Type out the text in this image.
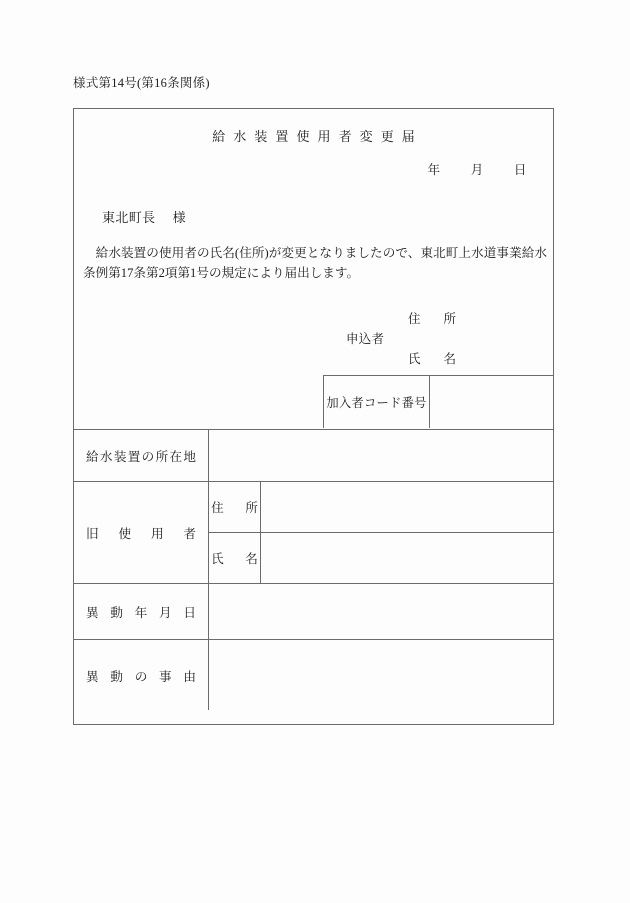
様式第14号(第16条関係)
給水装置使用者変更届
年 月 日
東北町長 様
給水装置の使用者の氏名(住所)が変更となりましたので、東北町上水道事業給水条例第17条第2項第1号の規定により届出します。
申込者
住　所
氏　名
加入者コード番号
給水装置の所在地
旧使用者
住　所
氏　名
異動年月日
異動の事由
